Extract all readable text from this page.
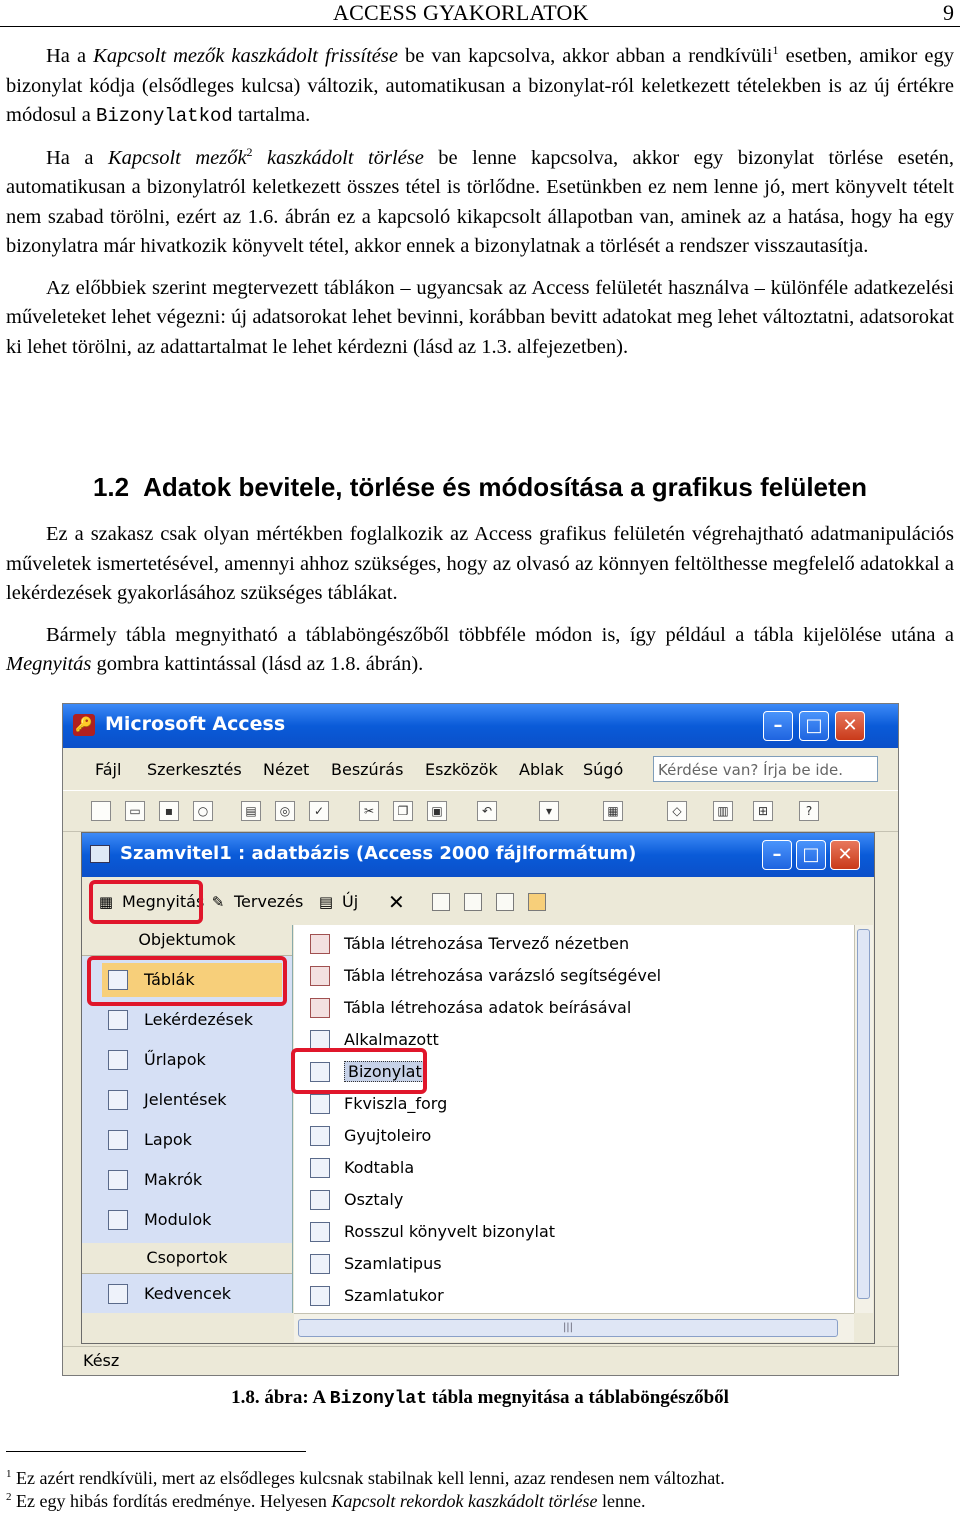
ACCESS GYAKORLATOK	9

Ha a Kapcsolt mezők kaszkádolt frissítése be van kapcsolva, akkor abban a rendkívüli$^1$ esetben, amikor egy bizonylat kódja (elsődleges kulcsa) változik, automatikusan a bizonylat-ról keletkezett tételekben is az új értékre módosul a Bizonylatkod tartalma.

Ha a Kapcsolt mezők$^2$ kaszkádolt törlése be lenne kapcsolva, akkor egy bizonylat törlése esetén, automatikusan a bizonylatról keletkezett összes tétel is törlődne. Esetünkben ez nem lenne jó, mert könyvelt tételt nem szabad törölni, ezért az 1.6. ábrán ez a kapcsoló kikapcsolt állapotban van, aminek az a hatása, hogy ha egy bizonylatra már hivatkozik könyvelt tétel, akkor ennek a bizonylatnak a törlését a rendszer visszautasítja.

Az előbbiek szerint megtervezett táblákon – ugyancsak az Access felületét használva – különféle adatkezelési műveleteket lehet végezni: új adatsorokat lehet bevinni, korábban bevitt adatokat meg lehet változtatni, adatsorokat ki lehet törölni, az adattartalmat le lehet kérdezni (lásd az 1.3. alfejezetben).

1.2 Adatok bevitele, törlése és módosítása a grafikus felületen

Ez a szakasz csak olyan mértékben foglalkozik az Access grafikus felületén végrehajtható adatmanipulációs műveletek ismertetésével, amennyi ahhoz szükséges, hogy az olvasó az könnyen feltölthesse megfelelő adatokkal a lekérdezések gyakorlásához szükséges táblákat.

Bármely tábla megnyitható a táblaböngészőből többféle módon is, így például a tábla kijelölése utána a Megnyitás gombra kattintással (lásd az 1.8. ábrán).

🔑 Microsoft Access	–	□	✕
Fájl Szerkesztés Nézet Beszúrás Eszközök Ablak Súgó	Kérdése van? Írja be ide.
▭	▪	○	▤	◎	✓	✂	❐	▣	↶	▾	▦	◇	▥	⊞	?
Szamvitel1 : adatbázis (Access 2000 fájlformátum)	–	□ ✕
▦ Megnyitás ✎ Tervezés ▤ Új ✕
Objektumok
Táblák
Lekérdezések
Űrlapok
Jelentések
Lapok
Makrók
Modulok
Csoportok
Kedvencek
Tábla létrehozása Tervező nézetben
Tábla létrehozása varázsló segítségével
Tábla létrehozása adatok beírásával
Alkalmazott
Bizonylat
Fkviszla_forg
Gyujtoleiro
Kodtabla
Osztaly
Rosszul könyvelt bizonylat
Szamlatipus
Szamlatukor
|||
Kész
1.8. ábra: A Bizonylat tábla megnyitása a táblaböngészőből
$^1$ Ez azért rendkívüli, mert az elsődleges kulcsnak stabilnak kell lenni, azaz rendesen nem változhat.
$^2$ Ez egy hibás fordítás eredménye. Helyesen Kapcsolt rekordok kaszkádolt törlése lenne.
